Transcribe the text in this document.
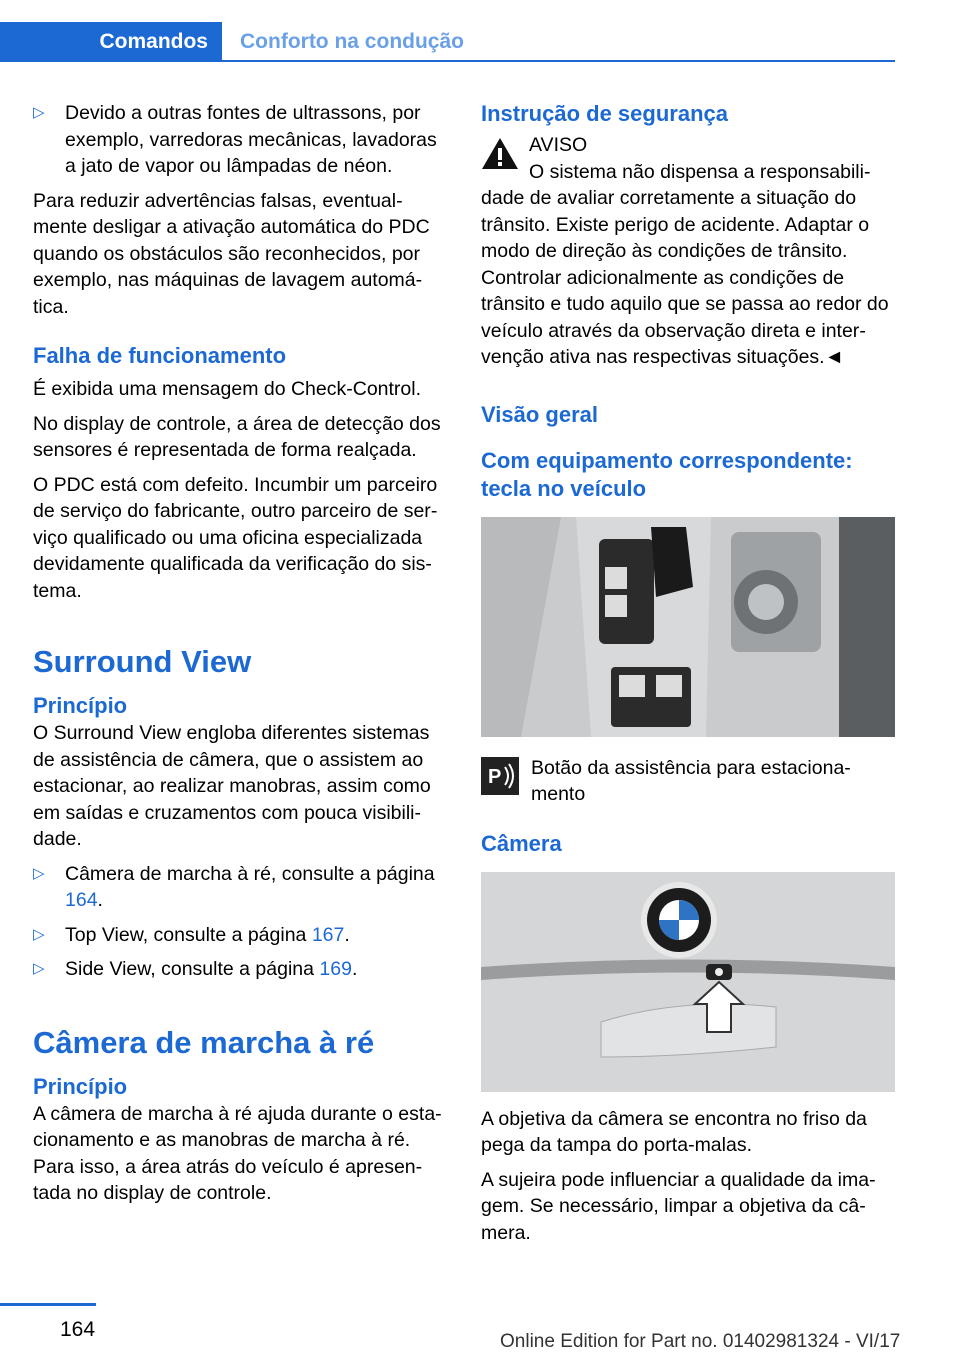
Comandos	Conforto na condução
▷ Devido a outras fontes de ultrassons, por exemplo, varredoras mecânicas, lavadoras a jato de vapor ou lâmpadas de néon.

Para reduzir advertências falsas, eventualmente desligar a ativação automática do PDC quando os obstáculos são reconhecidos, por exemplo, nas máquinas de lavagem automática.

Falha de funcionamento

É exibida uma mensagem do Check-Control.

No display de controle, a área de detecção dos sensores é representada de forma realçada.

O PDC está com defeito. Incumbir um parceiro de serviço do fabricante, outro parceiro de serviço qualificado ou uma oficina especializada devidamente qualificada da verificação do sistema.

Surround View
Princípio

O Surround View engloba diferentes sistemas de assistência de câmera, que o assistem ao estacionar, ao realizar manobras, assim como em saídas e cruzamentos com pouca visibilidade.

▷ Câmera de marcha à ré, consulte a página 164.
▷ Top View, consulte a página 167.
▷ Side View, consulte a página 169.
Câmera de marcha à ré
Princípio

A câmera de marcha à ré ajuda durante o estacionamento e as manobras de marcha à ré. Para isso, a área atrás do veículo é apresentada no display de controle.

Instrução de segurança
AVISO
O sistema não dispensa a responsabilidade de avaliar corretamente a situação do trânsito. Existe perigo de acidente. Adaptar o modo de direção às condições de trânsito. Controlar adicionalmente as condições de trânsito e tudo aquilo que se passa ao redor do veículo através da observação direta e intervenção ativa nas respectivas situações.◄
Visão geral
Com equipamento correspondente: tecla no veículo
P Botão da assistência para estacionamento
Câmera

A objetiva da câmera se encontra no friso da pega da tampa do porta-malas.

A sujeira pode influenciar a qualidade da imagem. Se necessário, limpar a objetiva da câmera.

164
Online Edition for Part no. 01402981324 - VI/17
